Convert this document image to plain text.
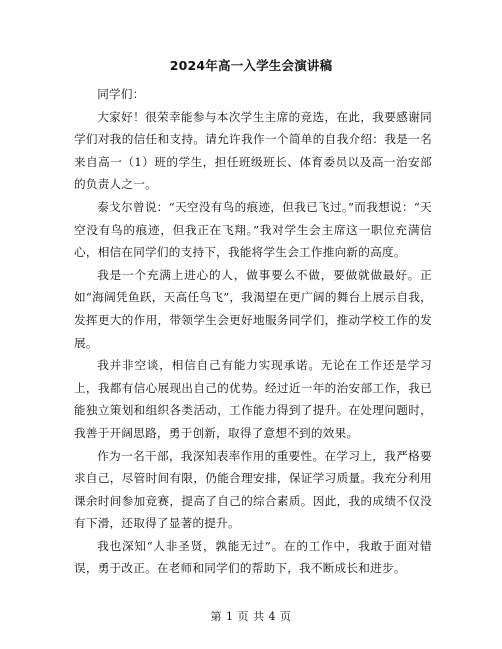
2024年高一入学生会演讲稿

同学们：

大家好！很荣幸能参与本次学生主席的竞选，在此，我要感谢同学们对我的信任和支持。请允许我作一个简单的自我介绍：我是一名来自高一（1）班的学生，担任班级班长、体育委员以及高一治安部的负责人之一。

泰戈尔曾说：“天空没有鸟的痕迹，但我已飞过。”而我想说：“天空没有鸟的痕迹，但我正在飞翔。”我对学生会主席这一职位充满信心，相信在同学们的支持下，我能将学生会工作推向新的高度。

我是一个充满上进心的人，做事要么不做，要做就做最好。正如“海阔凭鱼跃，天高任鸟飞”，我渴望在更广阔的舞台上展示自我，发挥更大的作用，带领学生会更好地服务同学们，推动学校工作的发展。

我并非空谈，相信自己有能力实现承诺。无论在工作还是学习上，我都有信心展现出自己的优势。经过近一年的治安部工作，我已能独立策划和组织各类活动，工作能力得到了提升。在处理问题时，我善于开阔思路，勇于创新，取得了意想不到的效果。

作为一名干部，我深知表率作用的重要性。在学习上，我严格要求自己，尽管时间有限，仍能合理安排，保证学习质量。我充分利用课余时间参加竞赛，提高了自己的综合素质。因此，我的成绩不仅没有下滑，还取得了显著的提升。

我也深知“人非圣贤，孰能无过”。在的工作中，我敢于面对错误，勇于改正。在老师和同学们的帮助下，我不断成长和进步。

第 1 页 共 4 页
